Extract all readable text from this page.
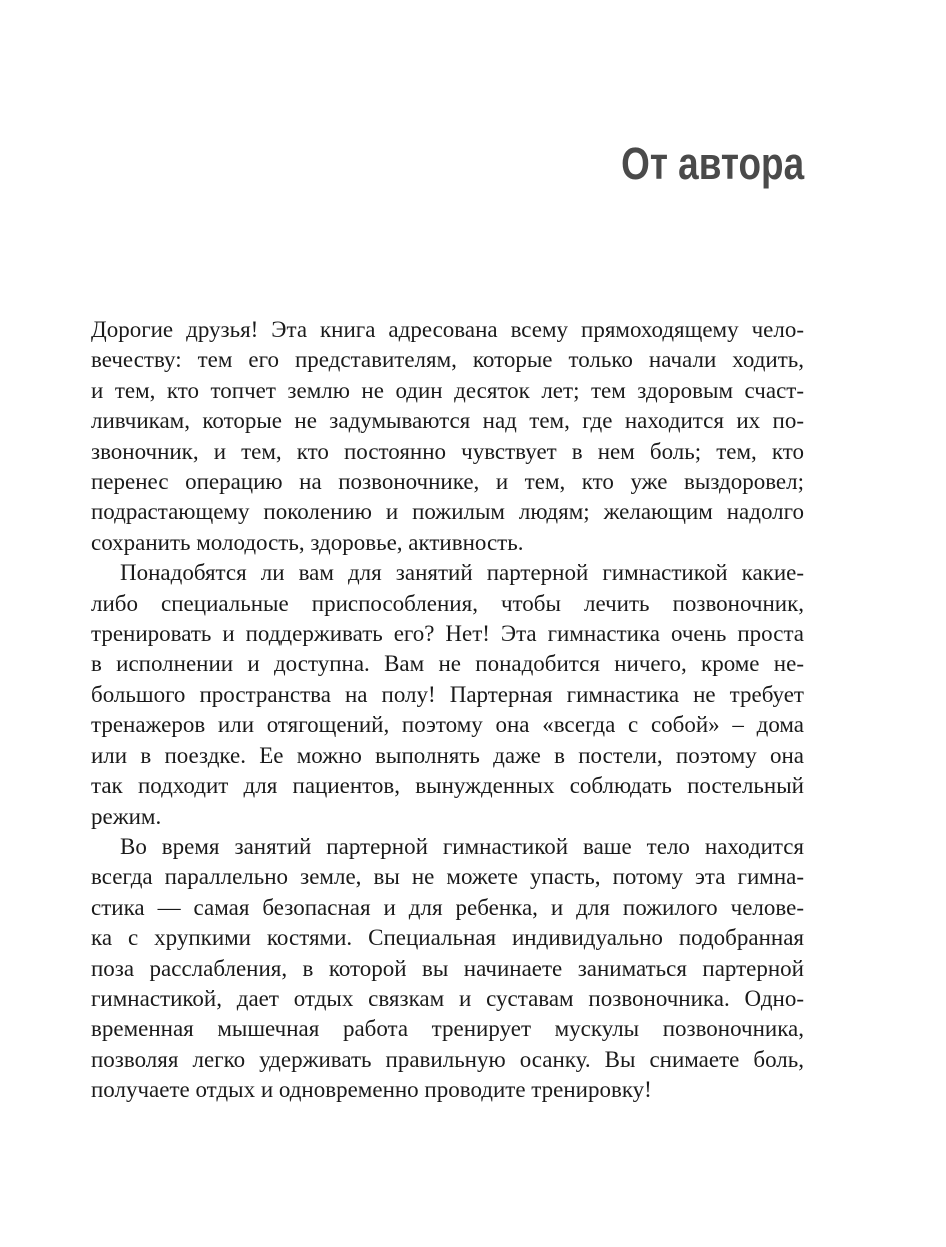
От автора

Дорогие друзья! Эта книга адресована всему прямоходящему чело-
вечеству: тем его представителям, которые только начали ходить,
и тем, кто топчет землю не один десяток лет; тем здоровым счаст-
ливчикам, которые не задумываются над тем, где находится их по-
звоночник, и тем, кто постоянно чувствует в нем боль; тем, кто
перенес операцию на позвоночнике, и тем, кто уже выздоровел;
подрастающему поколению и пожилым людям; желающим надолго
сохранить молодость, здоровье, активность.

Понадобятся ли вам для занятий партерной гимнастикой какие-
либо специальные приспособления, чтобы лечить позвоночник,
тренировать и поддерживать его? Нет! Эта гимнастика очень проста
в исполнении и доступна. Вам не понадобится ничего, кроме не-
большого пространства на полу! Партерная гимнастика не требует
тренажеров или отягощений, поэтому она «всегда с собой» – дома
или в поездке. Ее можно выполнять даже в постели, поэтому она
так подходит для пациентов, вынужденных соблюдать постельный
режим.

Во время занятий партерной гимнастикой ваше тело находится
всегда параллельно земле, вы не можете упасть, потому эта гимна-
стика — самая безопасная и для ребенка, и для пожилого челове-
ка с хрупкими костями. Специальная индивидуально подобранная
поза расслабления, в которой вы начинаете заниматься партерной
гимнастикой, дает отдых связкам и суставам позвоночника. Одно-
временная мышечная работа тренирует мускулы позвоночника,
позволяя легко удерживать правильную осанку. Вы снимаете боль,
получаете отдых и одновременно проводите тренировку!
